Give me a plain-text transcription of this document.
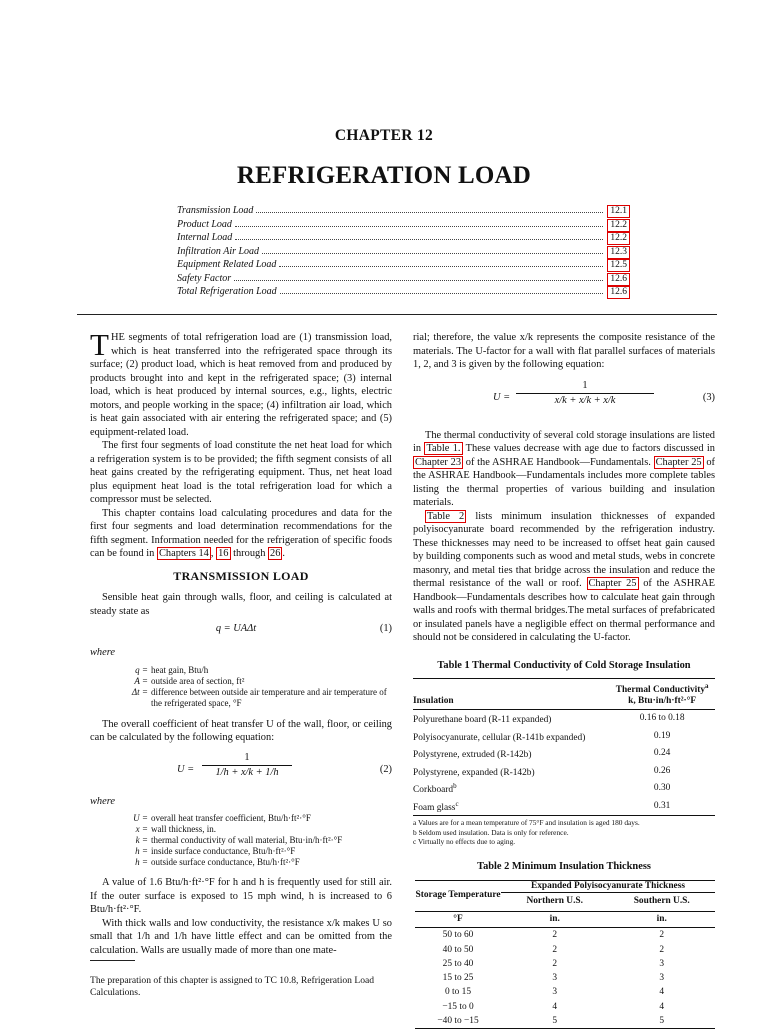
CHAPTER 12
REFRIGERATION LOAD
Transmission Load	12.1
Product Load	12.2
Internal Load	12.2
Infiltration Air Load	12.3
Equipment Related Load	12.5
Safety Factor	12.6
Total Refrigeration Load	12.6

THE segments of total refrigeration load are (1) transmission load, which is heat transferred into the refrigerated space through its surface; (2) product load, which is heat removed from and produced by products brought into and kept in the refrigerated space; (3) internal load, which is heat produced by internal sources, e.g., lights, electric motors, and people working in the space; (4) infiltration air load, which is heat gain associated with air entering the refrigerated space; and (5) equipment-related load.

The first four segments of load constitute the net heat load for which a refrigeration system is to be provided; the fifth segment consists of all heat gains created by the refrigerating equipment. Thus, net heat load plus equipment heat load is the total refrigeration load for which a compressor must be selected.

This chapter contains load calculating procedures and data for the first four segments and load determination recommendations for the fifth segment. Information needed for the refrigeration of specific foods can be found in Chapters 14 , 16 through 26 .

TRANSMISSION LOAD

Sensible heat gain through walls, floor, and ceiling is calculated at steady state as

q = UAΔt	(1)
where
q = heat gain, Btu/h
A = outside area of section, ft²
Δt = difference between outside air temperature and air temperature of the refrigerated space, °F

The overall coefficient of heat transfer U of the wall, floor, or ceiling can be calculated by the following equation:

$U = \frac{1}{1/h + x/k + 1/h}$	(2)
where
U = overall heat transfer coefficient, Btu/h·ft²·°F
x = wall thickness, in.
k = thermal conductivity of wall material, Btu·in/h·ft²·°F
h = inside surface conductance, Btu/h·ft²·°F
h = outside surface conductance, Btu/h·ft²·°F

A value of 1.6 Btu/h·ft²·°F for h and h is frequently used for still air. If the outer surface is exposed to 15 mph wind, h is increased to 6 Btu/h·ft²·°F.

With thick walls and low conductivity, the resistance x/k makes U so small that 1/h and 1/h have little effect and can be omitted from the calculation. Walls are usually made of more than one mate-

The preparation of this chapter is assigned to TC 10.8, Refrigeration Load Calculations.

rial; therefore, the value x/k represents the composite resistance of the materials. The U-factor for a wall with flat parallel surfaces of materials 1, 2, and 3 is given by the following equation:

$U = \frac{1}{x/k + x/k + x/k}$	(3)

The thermal conductivity of several cold storage insulations are listed in Table 1. These values decrease with age due to factors discussed in Chapter 23 of the ASHRAE Handbook—Fundamentals. Chapter 25 of the ASHRAE Handbook—Fundamentals includes more complete tables listing the thermal properties of various building and insulation materials.

Table 2 lists minimum insulation thicknesses of expanded polyisocyanurate board recommended by the refrigeration industry. These thicknesses may need to be increased to offset heat gain caused by building components such as wood and metal studs, webs in concrete masonry, and metal ties that bridge across the insulation and reduce the thermal resistance of the wall or roof. Chapter 25 of the ASHRAE Handbook—Fundamentals describes how to calculate heat gain through walls and roofs with thermal bridges.The metal surfaces of prefabricated or insulated panels have a negligible effect on thermal performance and should not be considered in calculating the U-factor.

Table 1 Thermal Conductivity of Cold Storage Insulation
Insulation	Thermal Conductivity$^a$
k, Btu·in/h·ft²·°F
Polyurethane board (R-11 expanded)	0.16 to 0.18
Polyisocyanurate, cellular (R-141b expanded)	0.19
Polystyrene, extruded (R-142b)	0.24
Polystyrene, expanded (R-142b)	0.26
Corkboard$^b$	0.30
Foam glass$^c$	0.31
a Values are for a mean temperature of 75°F and insulation is aged 180 days.
b Seldom used insulation. Data is only for reference.
c Virtually no effects due to aging.
Table 2 Minimum Insulation Thickness
Storage Temperature	Expanded Polyisocyanurate Thickness	
	Northern U.S.	Southern U.S.
°F	in.	in.
50 to 60	2	2
40 to 50	2	2
25 to 40	2	3
15 to 25	3	3
0 to 15	3	4
−15 to 0	4	4
−40 to −15	5	5
